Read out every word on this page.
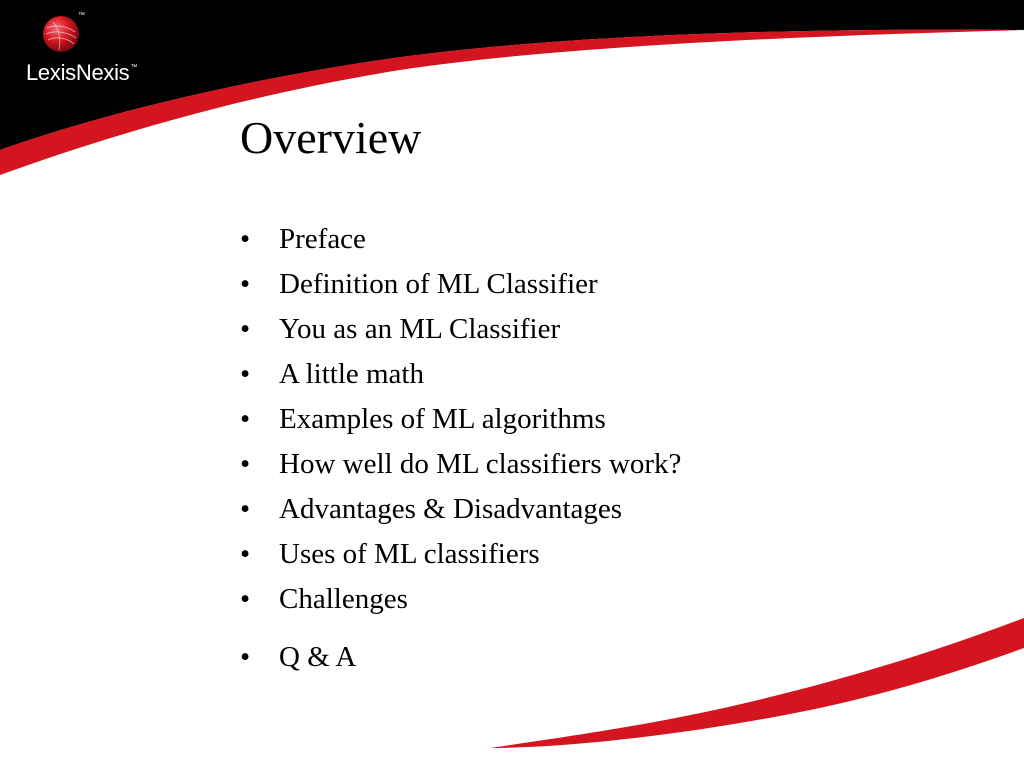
™
LexisNexis™
Overview
• Preface
• Definition of ML Classifier
• You as an ML Classifier
• A little math
• Examples of ML algorithms
• How well do ML classifiers work?
• Advantages & Disadvantages
• Uses of ML classifiers
• Challenges
• Q & A
